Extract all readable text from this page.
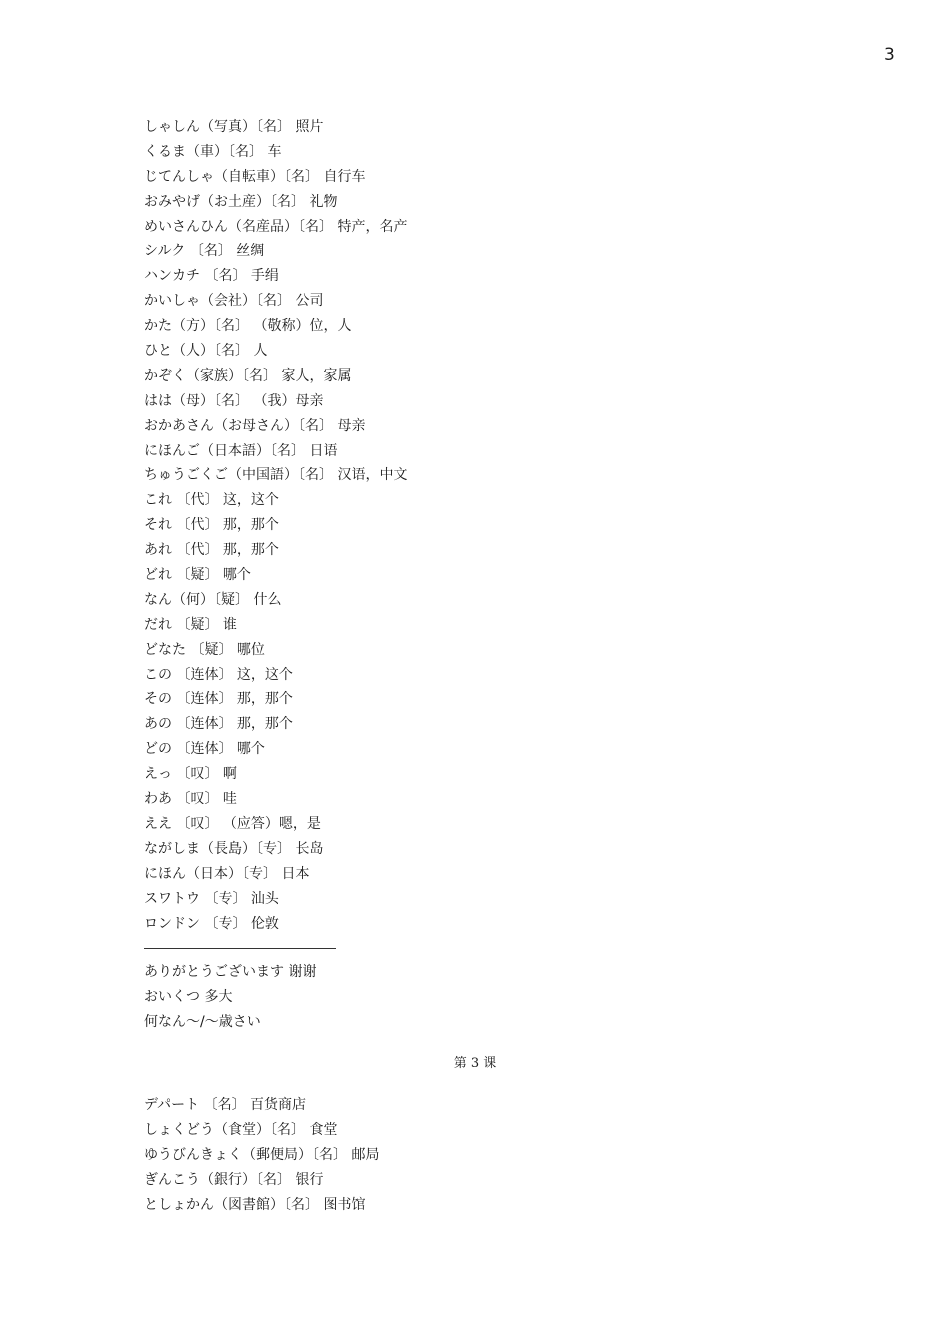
3
しゃしん（写真）〔名〕 照片
くるま（車）〔名〕 车
じてんしゃ（自転車）〔名〕 自行车
おみやげ（お土産）〔名〕 礼物
めいさんひん（名産品）〔名〕 特产，名产
シルク 〔名〕 丝绸
ハンカチ 〔名〕 手绢
かいしゃ（会社）〔名〕 公司
かた（方）〔名〕 （敬称）位，人
ひと（人）〔名〕 人
かぞく（家族）〔名〕 家人，家属
はは（母）〔名〕 （我）母亲
おかあさん（お母さん）〔名〕 母亲
にほんご（日本語）〔名〕 日语
ちゅうごくご（中国語）〔名〕 汉语，中文
これ 〔代〕 这，这个
それ 〔代〕 那，那个
あれ 〔代〕 那，那个
どれ 〔疑〕 哪个
なん（何）〔疑〕 什么
だれ 〔疑〕 谁
どなた 〔疑〕 哪位
この 〔连体〕 这，这个
その 〔连体〕 那，那个
あの 〔连体〕 那，那个
どの 〔连体〕 哪个
えっ 〔叹〕 啊
わあ 〔叹〕 哇
ええ 〔叹〕 （应答）嗯，是
ながしま（長島）〔专〕 长岛
にほん（日本）〔专〕 日本
スワトウ 〔专〕 汕头
ロンドン 〔专〕 伦敦
ありがとうございます 谢谢
おいくつ 多大
何なん～/～歳さい
第 3 课
デパート 〔名〕 百货商店
しょくどう（食堂）〔名〕 食堂
ゆうびんきょく（郵便局）〔名〕 邮局
ぎんこう（銀行）〔名〕 银行
としょかん（図書館）〔名〕 图书馆
